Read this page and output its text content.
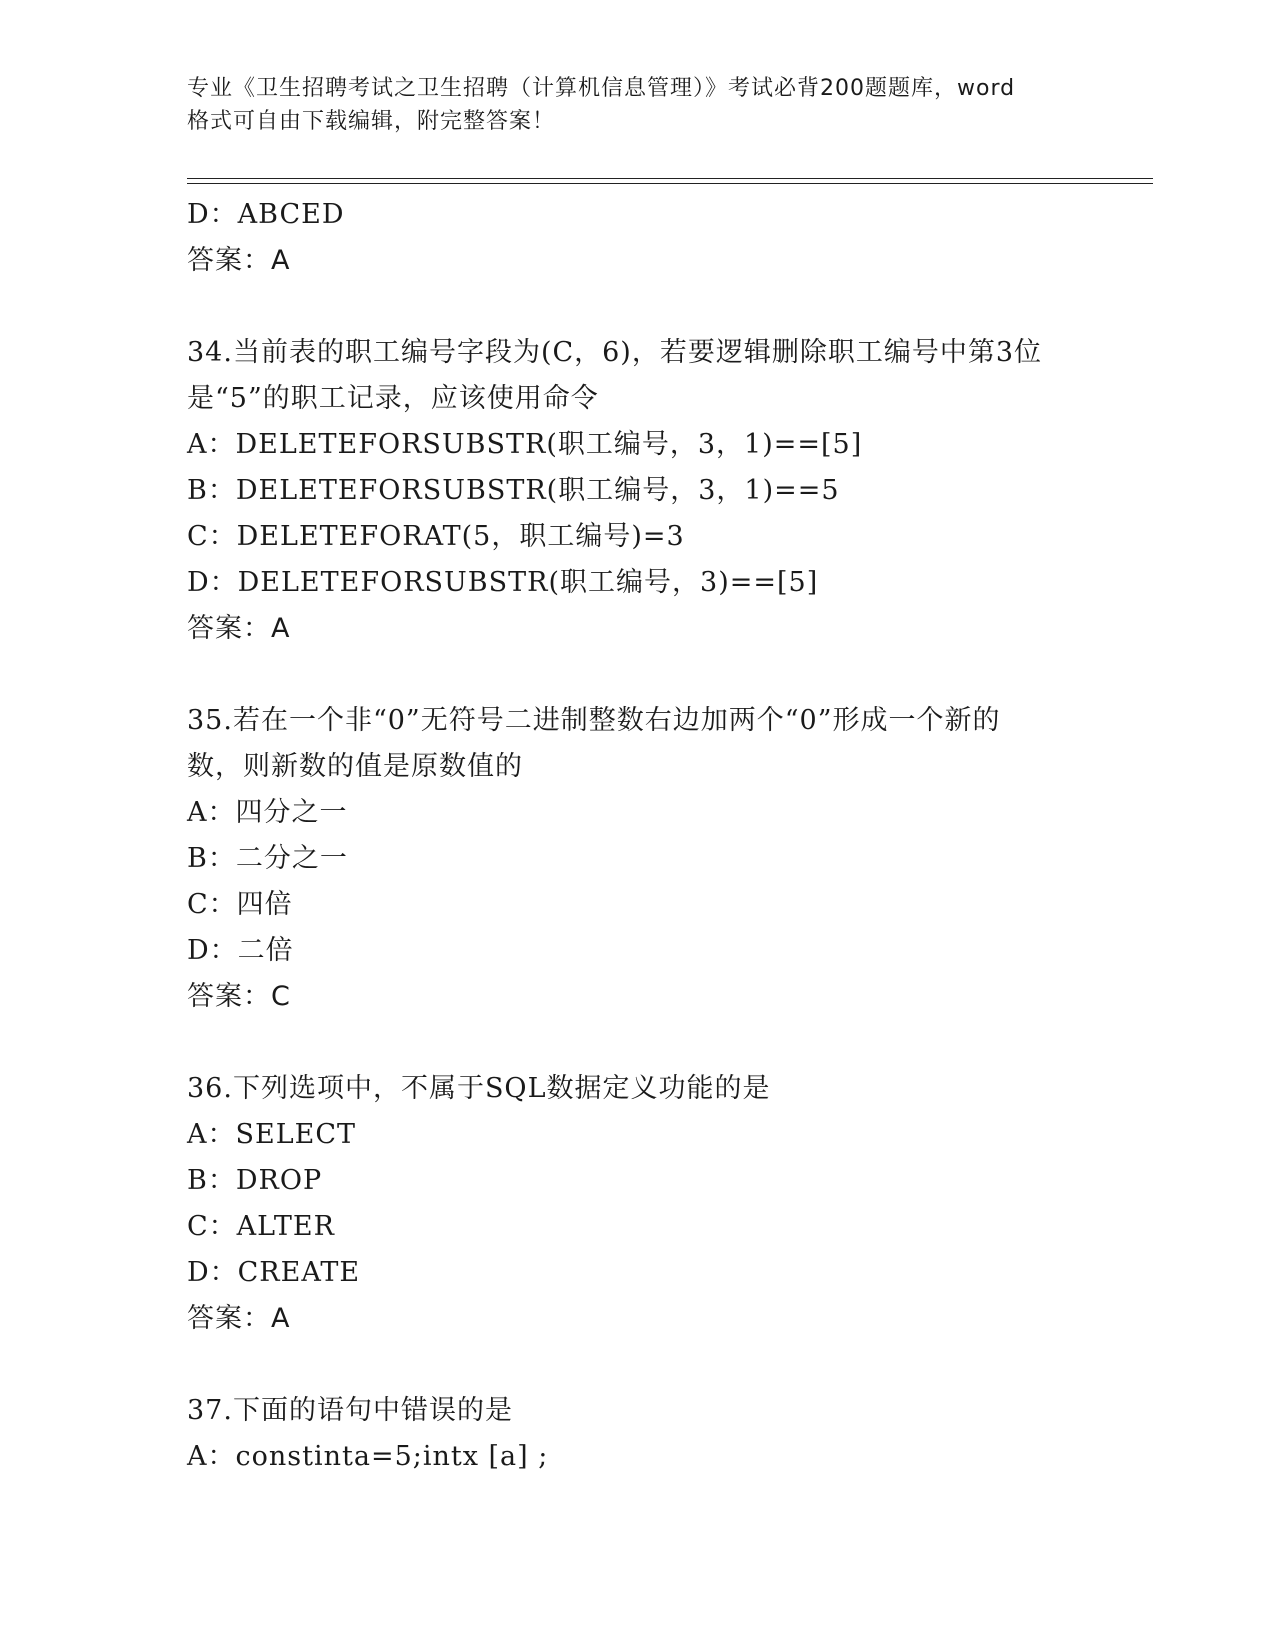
专业《卫生招聘考试之卫生招聘（计算机信息管理）》考试必背200题题库，word
格式可自由下载编辑，附完整答案！
D：ABCED
答案：A
34.当前表的职工编号字段为(C，6)，若要逻辑删除职工编号中第3位
是“5”的职工记录，应该使用命令
A：DELETEFORSUBSTR(职工编号，3，1)==[5]
B：DELETEFORSUBSTR(职工编号，3，1)==5
C：DELETEFORAT(5，职工编号)=3
D：DELETEFORSUBSTR(职工编号，3)==[5]
答案：A
35.若在一个非“0”无符号二进制整数右边加两个“0”形成一个新的
数，则新数的值是原数值的
A：四分之一
B：二分之一
C：四倍
D：二倍
答案：C
36.下列选项中，不属于SQL数据定义功能的是
A：SELECT
B：DROP
C：ALTER
D：CREATE
答案：A
37.下面的语句中错误的是
A：constinta=5;intx [a] ;
